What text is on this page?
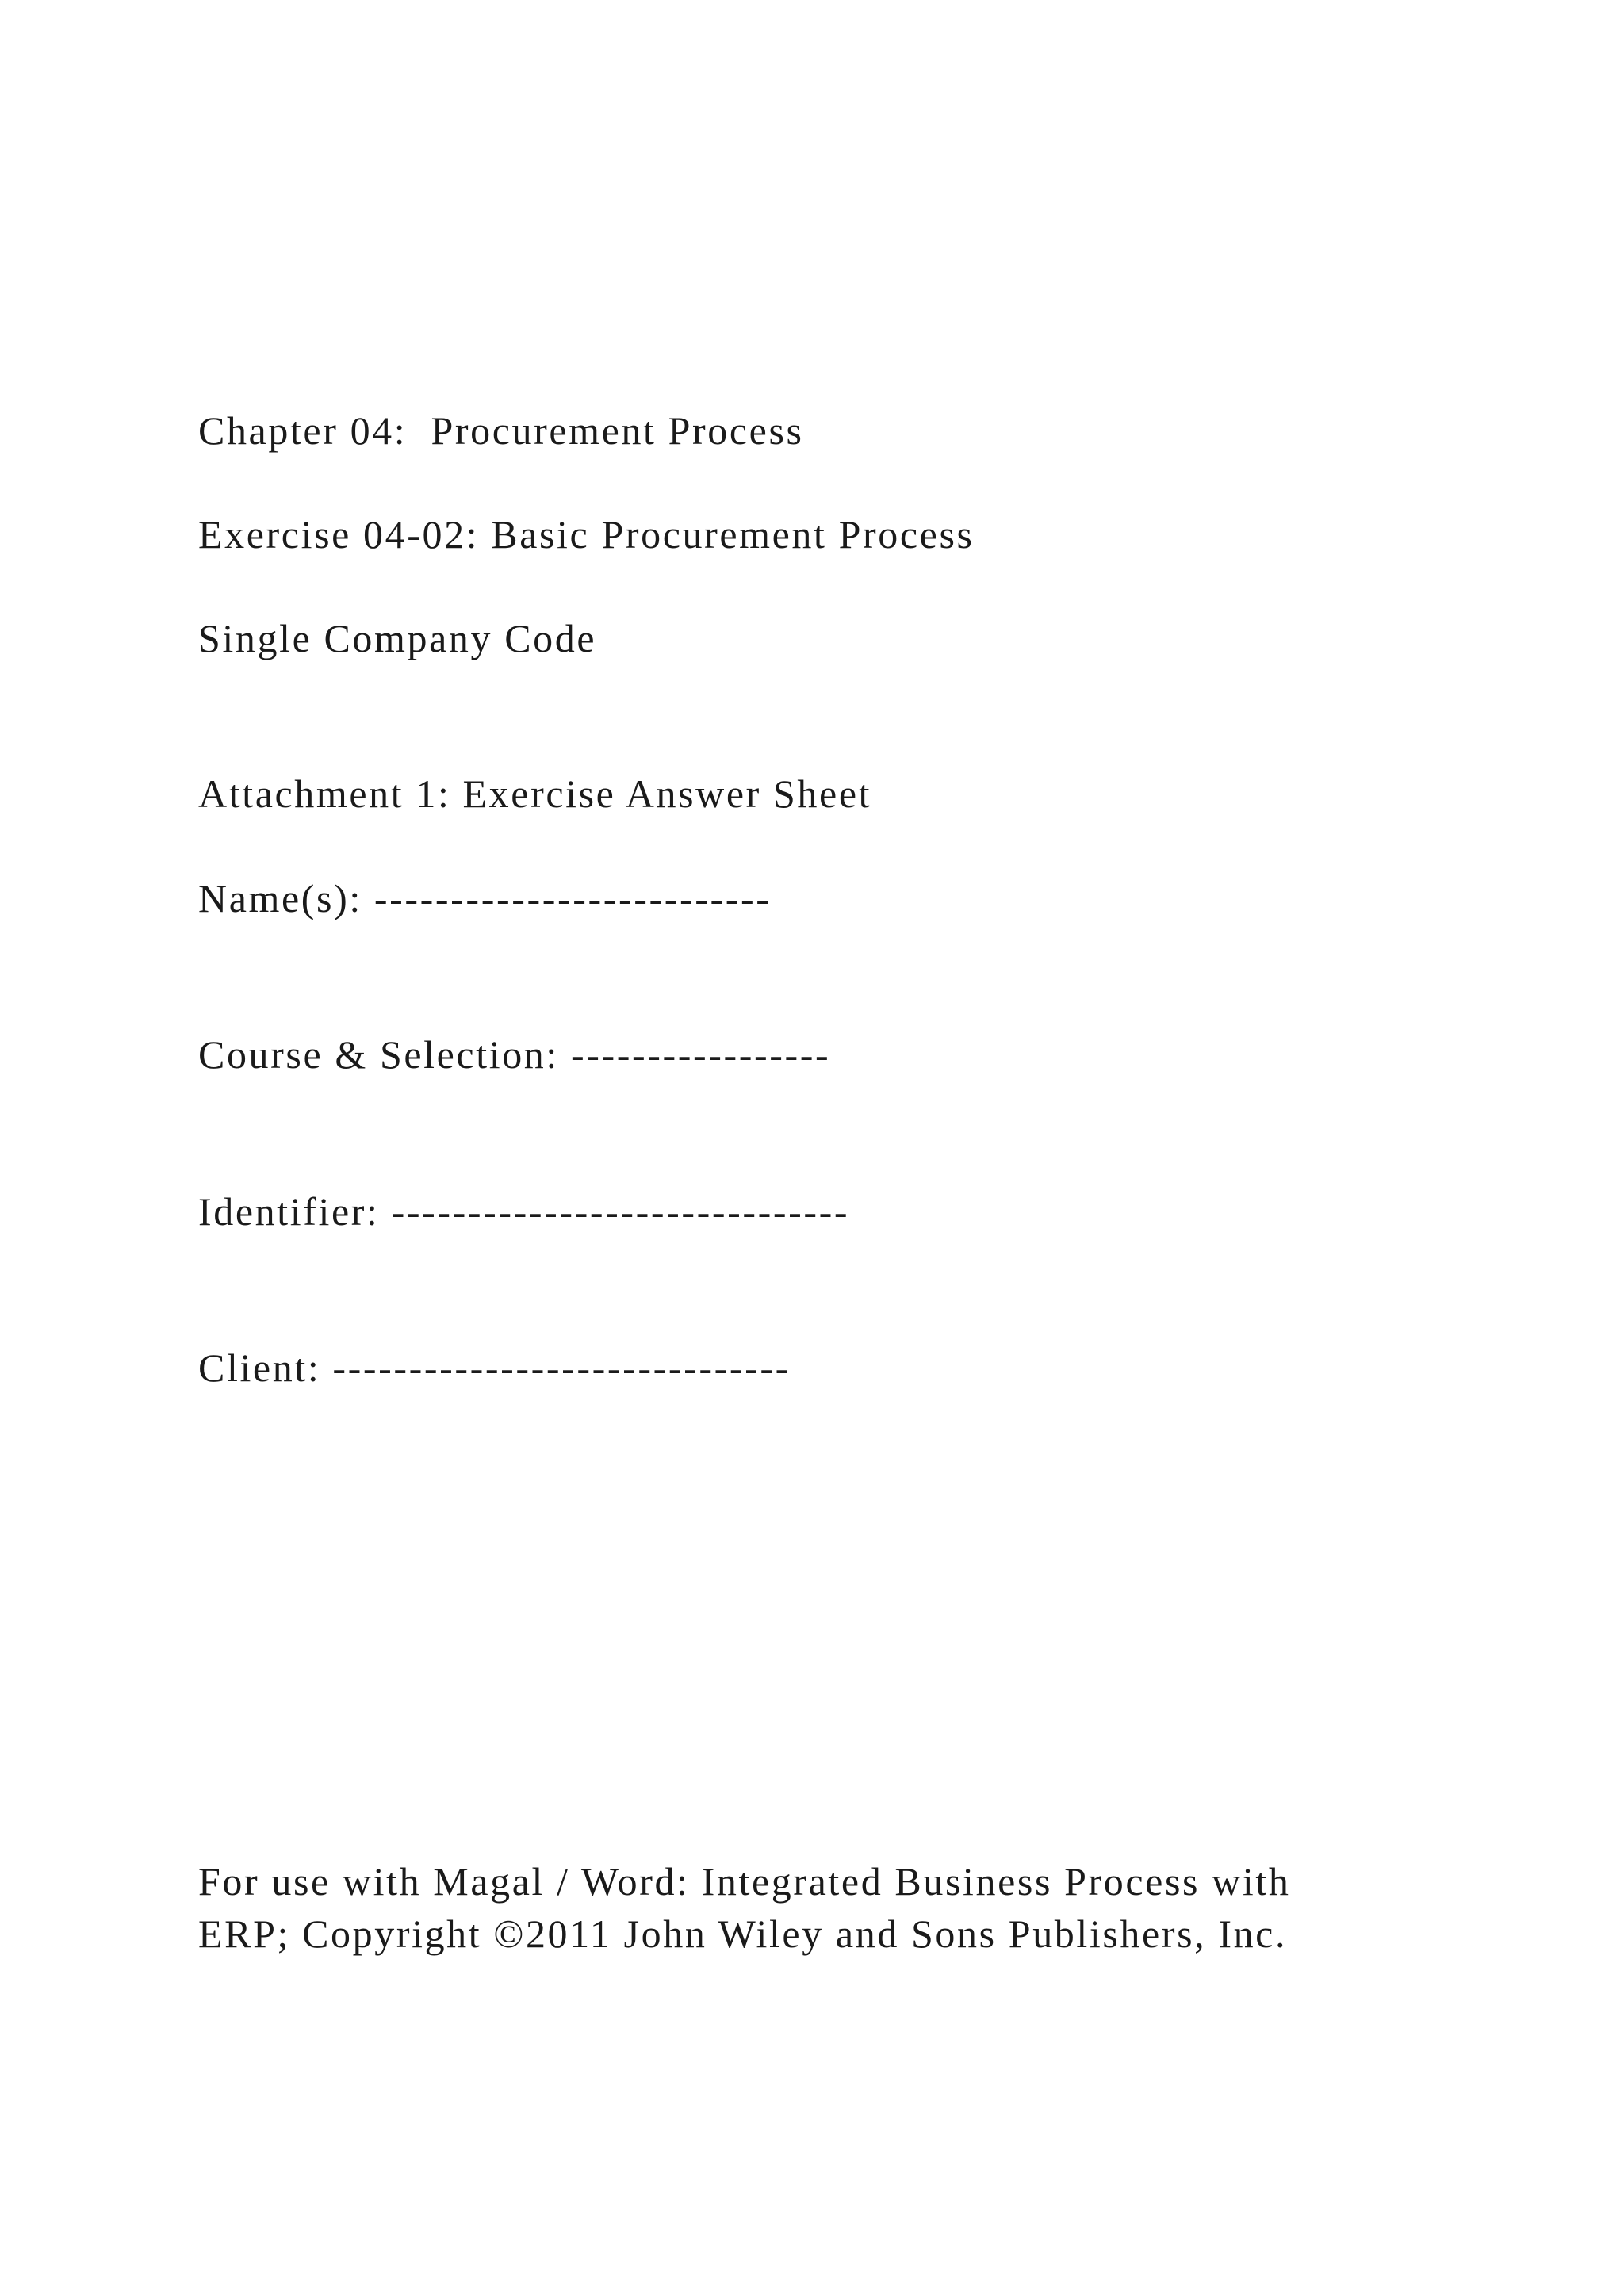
Chapter 04:  Procurement Process

Exercise 04-02: Basic Procurement Process

Single Company Code

Attachment 1: Exercise Answer Sheet

Name(s): --------------------------

Course & Selection: -----------------

Identifier: ------------------------------

Client: ------------------------------

For use with Magal / Word: Integrated Business Process with
ERP; Copyright ©2011 John Wiley and Sons Publishers, Inc.
